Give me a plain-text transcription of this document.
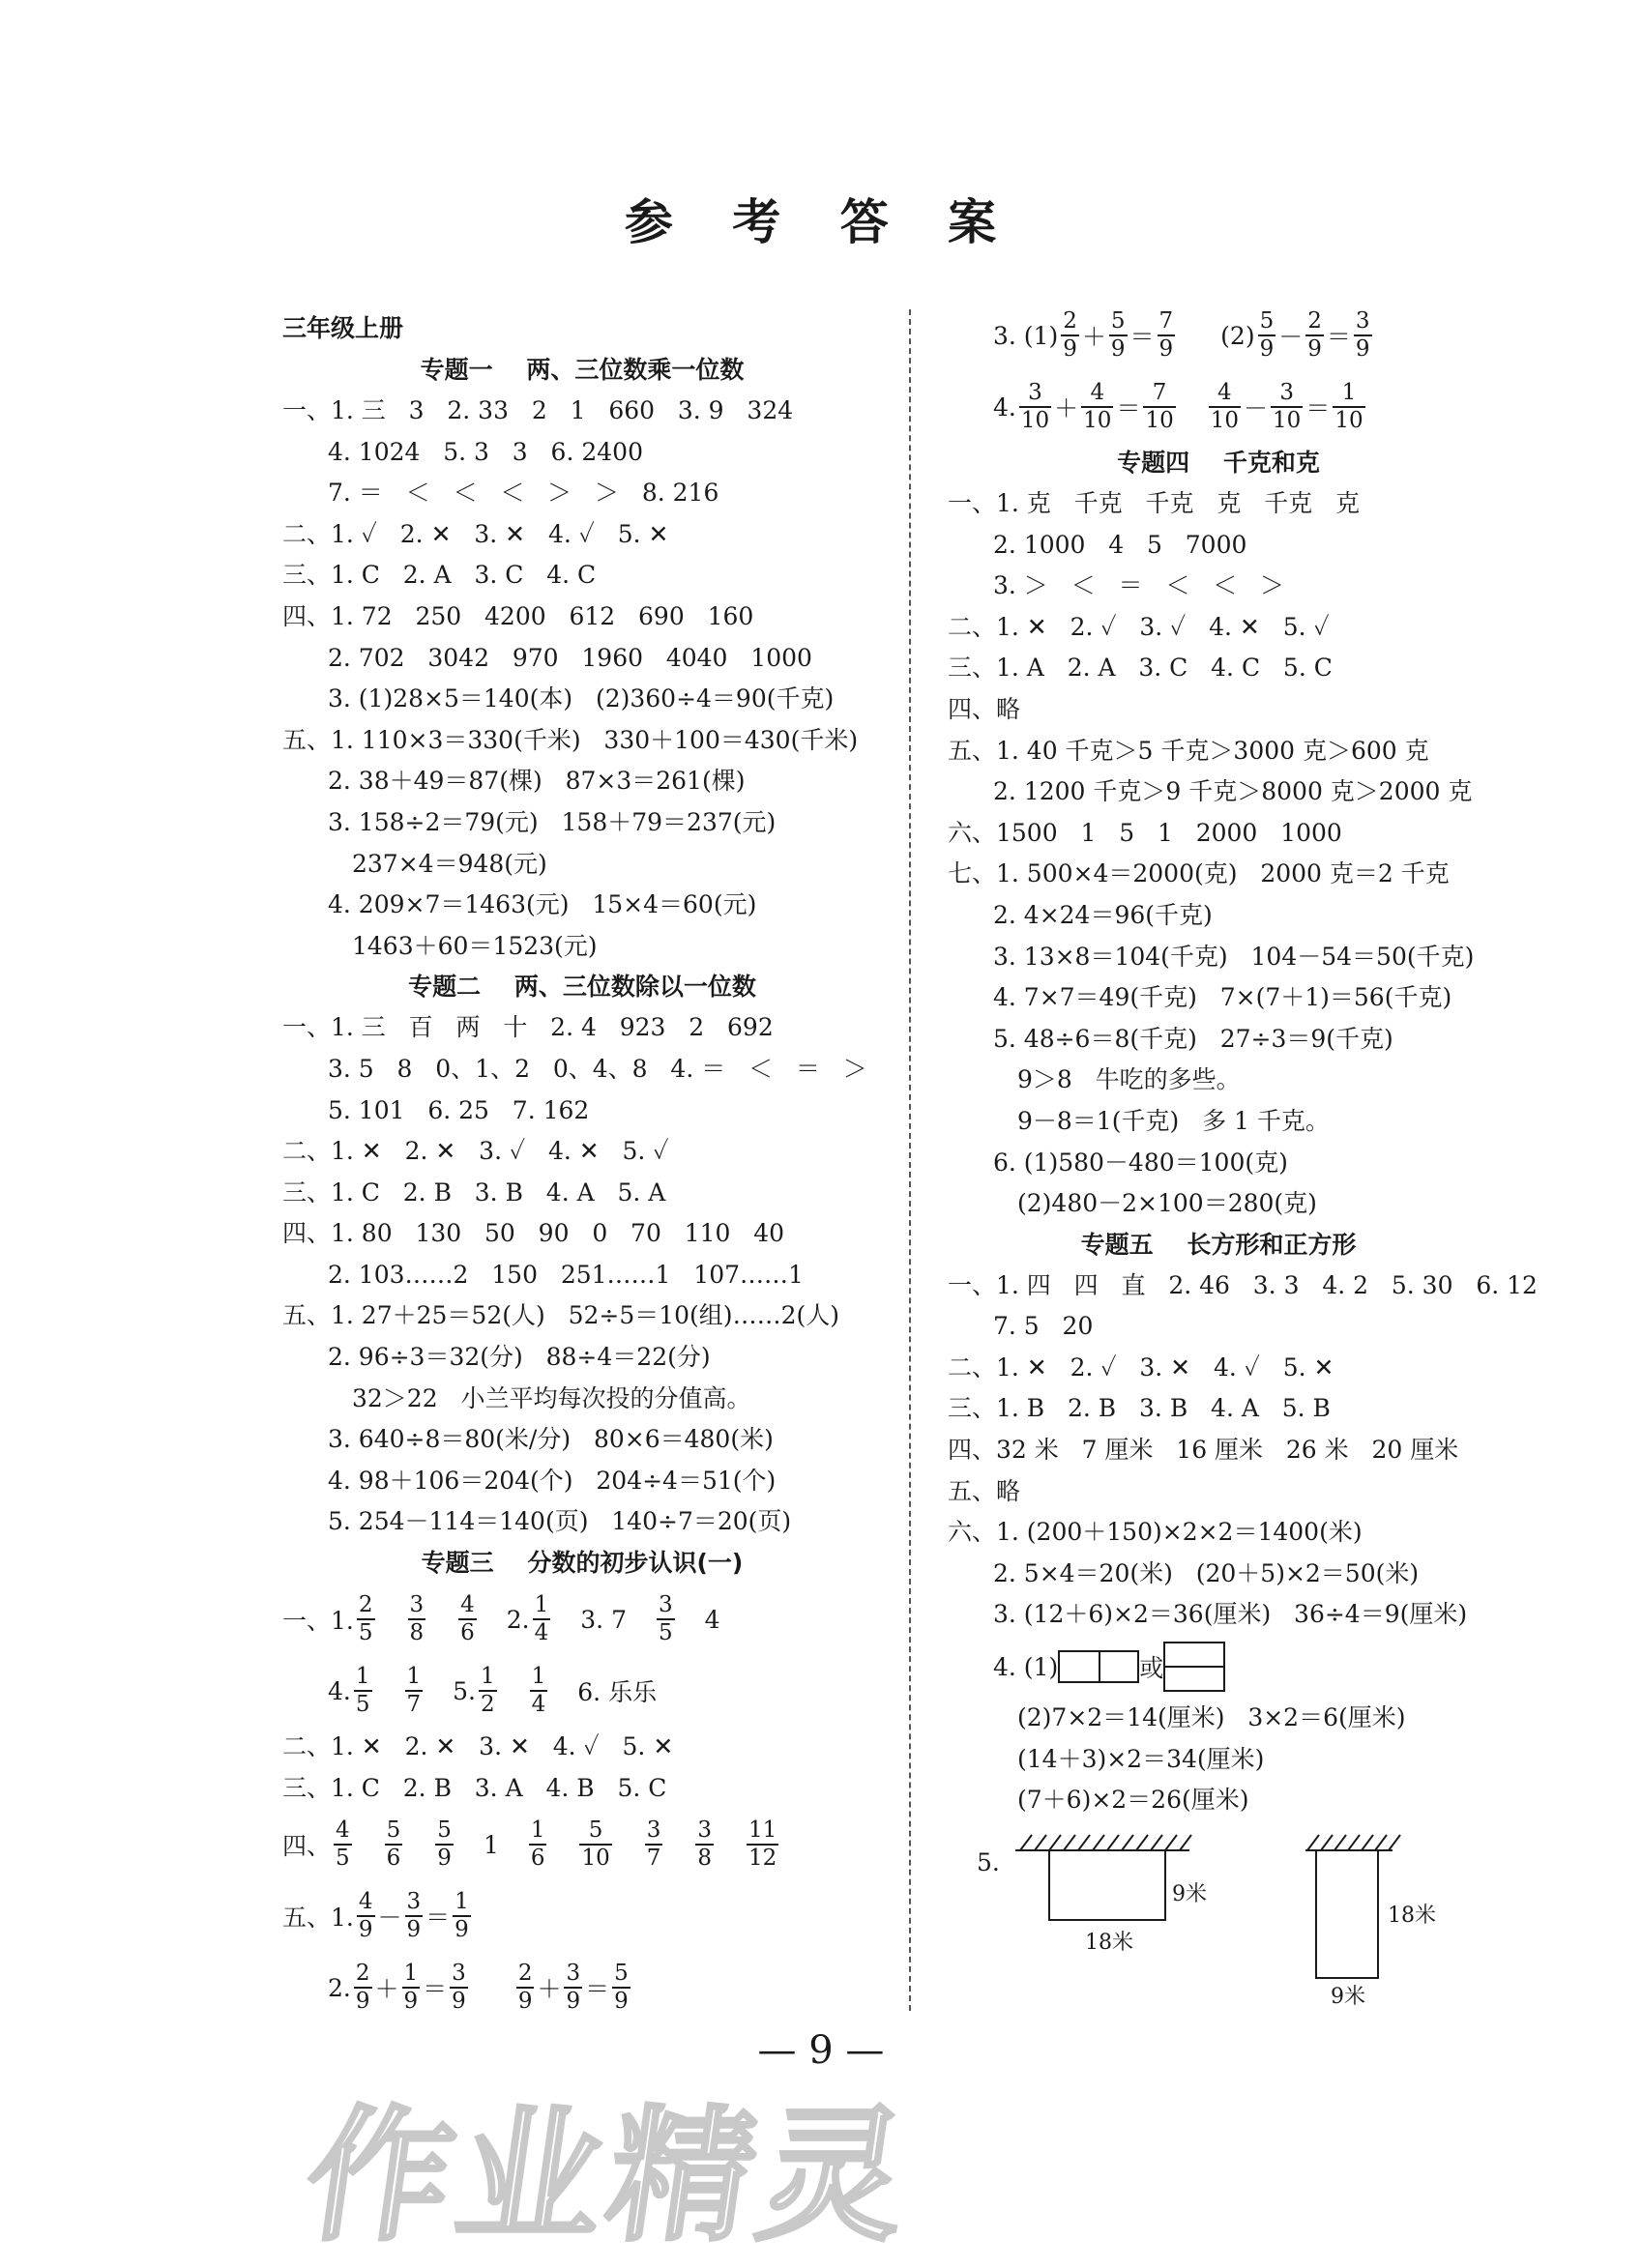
参 考 答 案
三年级上册
专题一    两、三位数乘一位数
一、1. 三   3   2. 33   2   1   660   3. 9   324
4. 1024   5. 3   3   6. 2400
7. ＝   ＜   ＜   ＜   ＞   ＞   8. 216
二、1. ✓   2. ✕   3. ✕   4. ✓   5. ✕
三、1. C   2. A   3. C   4. C
四、1. 72   250   4200   612   690   160
2. 702   3042   970   1960   4040   1000
3. (1)28×5＝140(本)   (2)360÷4＝90(千克)
五、1. 110×3＝330(千米)   330＋100＝430(千米)
2. 38＋49＝87(棵)   87×3＝261(棵)
3. 158÷2＝79(元)   158＋79＝237(元)
237×4＝948(元)
4. 209×7＝1463(元)   15×4＝60(元)
1463＋60＝1523(元)
专题二    两、三位数除以一位数
一、1. 三   百   两   十   2. 4   923   2   692
3. 5   8   0、1、2   0、4、8   4. ＝   ＜   ＝   ＞
5. 101   6. 25   7. 162
二、1. ✕   2. ✕   3. ✓   4. ✕   5. ✓
三、1. C   2. B   3. B   4. A   5. A
四、1. 80   130   50   90   0   70   110   40
2. 103……2   150   251……1   107……1
五、1. 27＋25＝52(人)   52÷5＝10(组)……2(人)
2. 96÷3＝32(分)   88÷4＝22(分)
32＞22   小兰平均每次投的分值高。
3. 640÷8＝80(米/分)   80×6＝480(米)
4. 98＋106＝204(个)   204÷4＝51(个)
5. 254－114＝140(页)   140÷7＝20(页)
专题三    分数的初步认识(一)
一、1. $\frac{2}{5} \frac{3}{8} \frac{4}{6} 2$. $\frac{1}{4} 3$. $7 \frac{3}{5} 4$
4. $\frac{1}{5} \frac{1}{7} 5$. $\frac{1}{2} \frac{1}{4} 6$. 乐乐
二、1. ✕   2. ✕   3. ✕   4. ✓   5. ✕
三、1. C   2. B   3. A   4. B   5. C
四、 $\frac{4}{5} \frac{5}{6} \frac{5}{9} 1 \frac{1}{6} \frac{5}{10} \frac{3}{7} \frac{3}{8} \frac{11}{12}$
五、1. $\frac{4}{9} - \frac{3}{9} = \frac{1}{9}$
2. $\frac{2}{9} + \frac{1}{9} = \frac{3}{9} \frac{2}{9} + \frac{3}{9} = \frac{5}{9}$
3. $(1) \frac{2}{9} + \frac{5}{9} = \frac{7}{9} (2) \frac{5}{9} - \frac{2}{9} = \frac{3}{9}$
4. $\frac{3}{10} + \frac{4}{10} = \frac{7}{10} \frac{4}{10} - \frac{3}{10} = \frac{1}{10}$
专题四    千克和克
一、1. 克   千克   千克   克   千克   克
2. 1000   4   5   7000
3. ＞   ＜   ＝   ＜   ＜   ＞
二、1. ✕   2. ✓   3. ✓   4. ✕   5. ✓
三、1. A   2. A   3. C   4. C   5. C
四、略
五、1. 40 千克＞5 千克＞3000 克＞600 克
2. 1200 千克＞9 千克＞8000 克＞2000 克
六、1500   1   5   1   2000   1000
七、1. 500×4＝2000(克)   2000 克＝2 千克
2. 4×24＝96(千克)
3. 13×8＝104(千克)   104－54＝50(千克)
4. 7×7＝49(千克)   7×(7＋1)＝56(千克)
5. 48÷6＝8(千克)   27÷3＝9(千克)
9＞8   牛吃的多些。
9－8＝1(千克)   多 1 千克。
6. (1)580－480＝100(克)
(2)480－2×100＝280(克)
专题五    长方形和正方形
一、1. 四   四   直   2. 46   3. 3   4. 2   5. 30   6. 12
7. 5   20
二、1. ✕   2. ✓   3. ✕   4. ✓   5. ✕
三、1. B   2. B   3. B   4. A   5. B
四、32 米   7 厘米   16 厘米   26 米   20 厘米
五、略
六、1. (200＋150)×2×2＝1400(米)
2. 5×4＝20(米)   (20＋5)×2＝50(米)
3. (12＋6)×2＝36(厘米)   36÷4＝9(厘米)
4. (1)	或
(2)7×2＝14(厘米)   3×2＝6(厘米)
(14＋3)×2＝34(厘米)
(7＋6)×2＝26(厘米)
5.
9米
18米
18米
9米
— 9 —
作业精灵
